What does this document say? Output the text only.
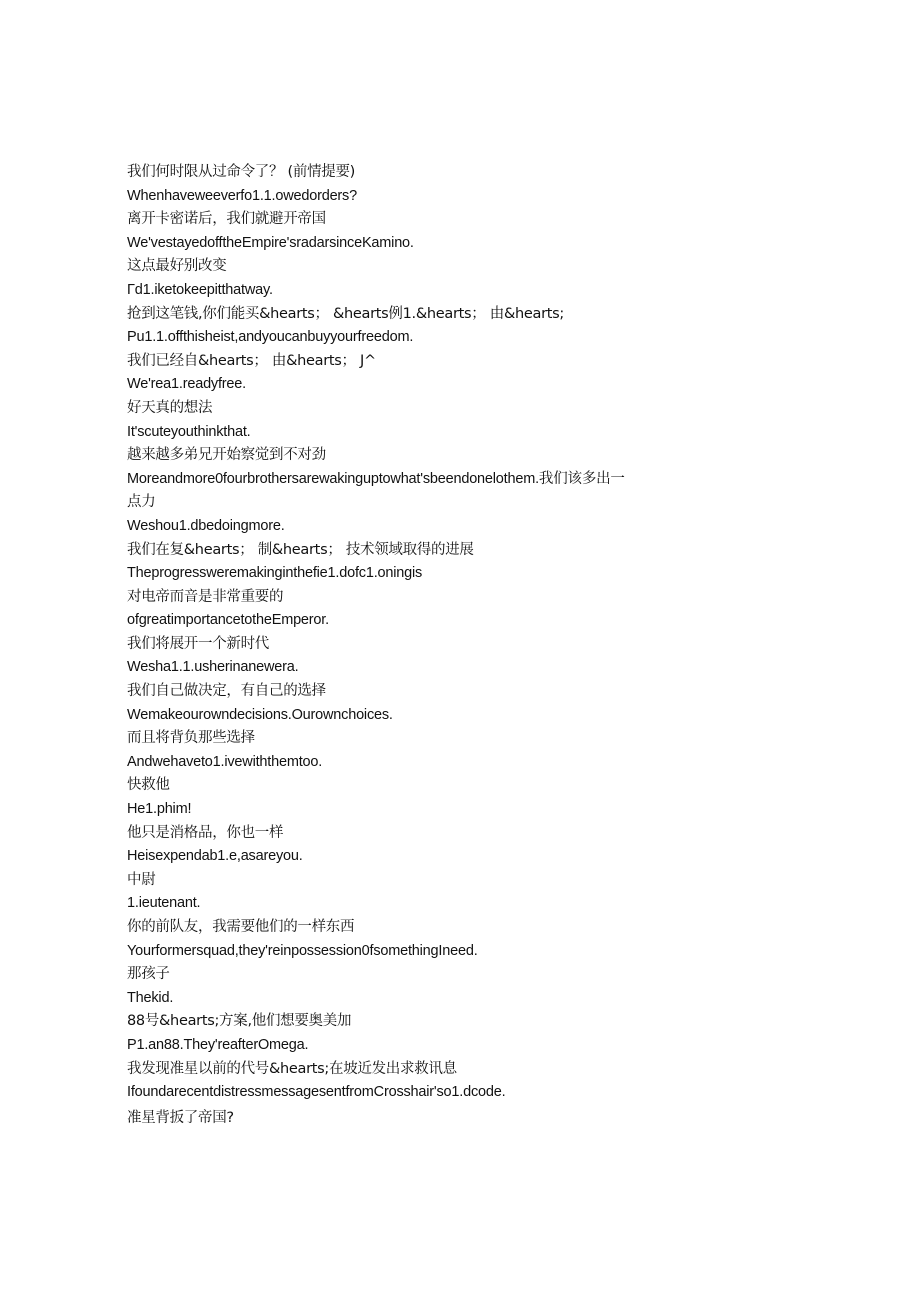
我们何时限从过命令了？ (前情提要)
Whenhaveweeverfo1.1.owedorders?
离开卡密诺后，我们就避开帝国
We'vestayedofftheEmpire'sradarsinceKamino.
这点最好别改变
Γd1.iketokeepitthatway.
抢到这笔钱,你们能买&hearts； &hearts例1.&hearts； 由&hearts;
Pu1.1.offthisheist,andyoucanbuyyourfreedom.
我们已经自&hearts； 由&hearts； J^
We'rea1.readyfree.
好天真的想法
It'scuteyouthinkthat.
越来越多弟兄开始察觉到不对劲
Moreandmore0fourbrothersarewakinguptowhat'sbeendonelothem.我们该多出一
点力
Weshou1.dbedoingmore.
我们在复&hearts； 制&hearts； 技术领域取得的进展
Theprogressweremakinginthefie1.dofc1.oningis
对电帝而音是非常重要的
ofgreatimportancetotheEmperor.
我们将展开一个新时代
Wesha1.1.usherinanewera.
我们自己做决定，有自己的选择
Wemakeourowndecisions.Ourownchoices.
而且将背负那些选择
Andwehaveto1.ivewiththemtoo.
快救他
He1.phim!
他只是消格品，你也一样
Heisexpendab1.e,asareyou.
中尉
1.ieutenant.
你的前队友，我需要他们的一样东西
Yourformersquad,they'reinpossession0fsomethingIneed.
那孩子
Thekid.
88号&hearts;方案,他们想要奥美加
P1.an88.They'reafterOmega.
我发现准星以前的代号&hearts;在坡近发出求救讯息
IfoundarecentdistressmessagesentfromCrosshair'so1.dcode.
准星背扳了帝国?
